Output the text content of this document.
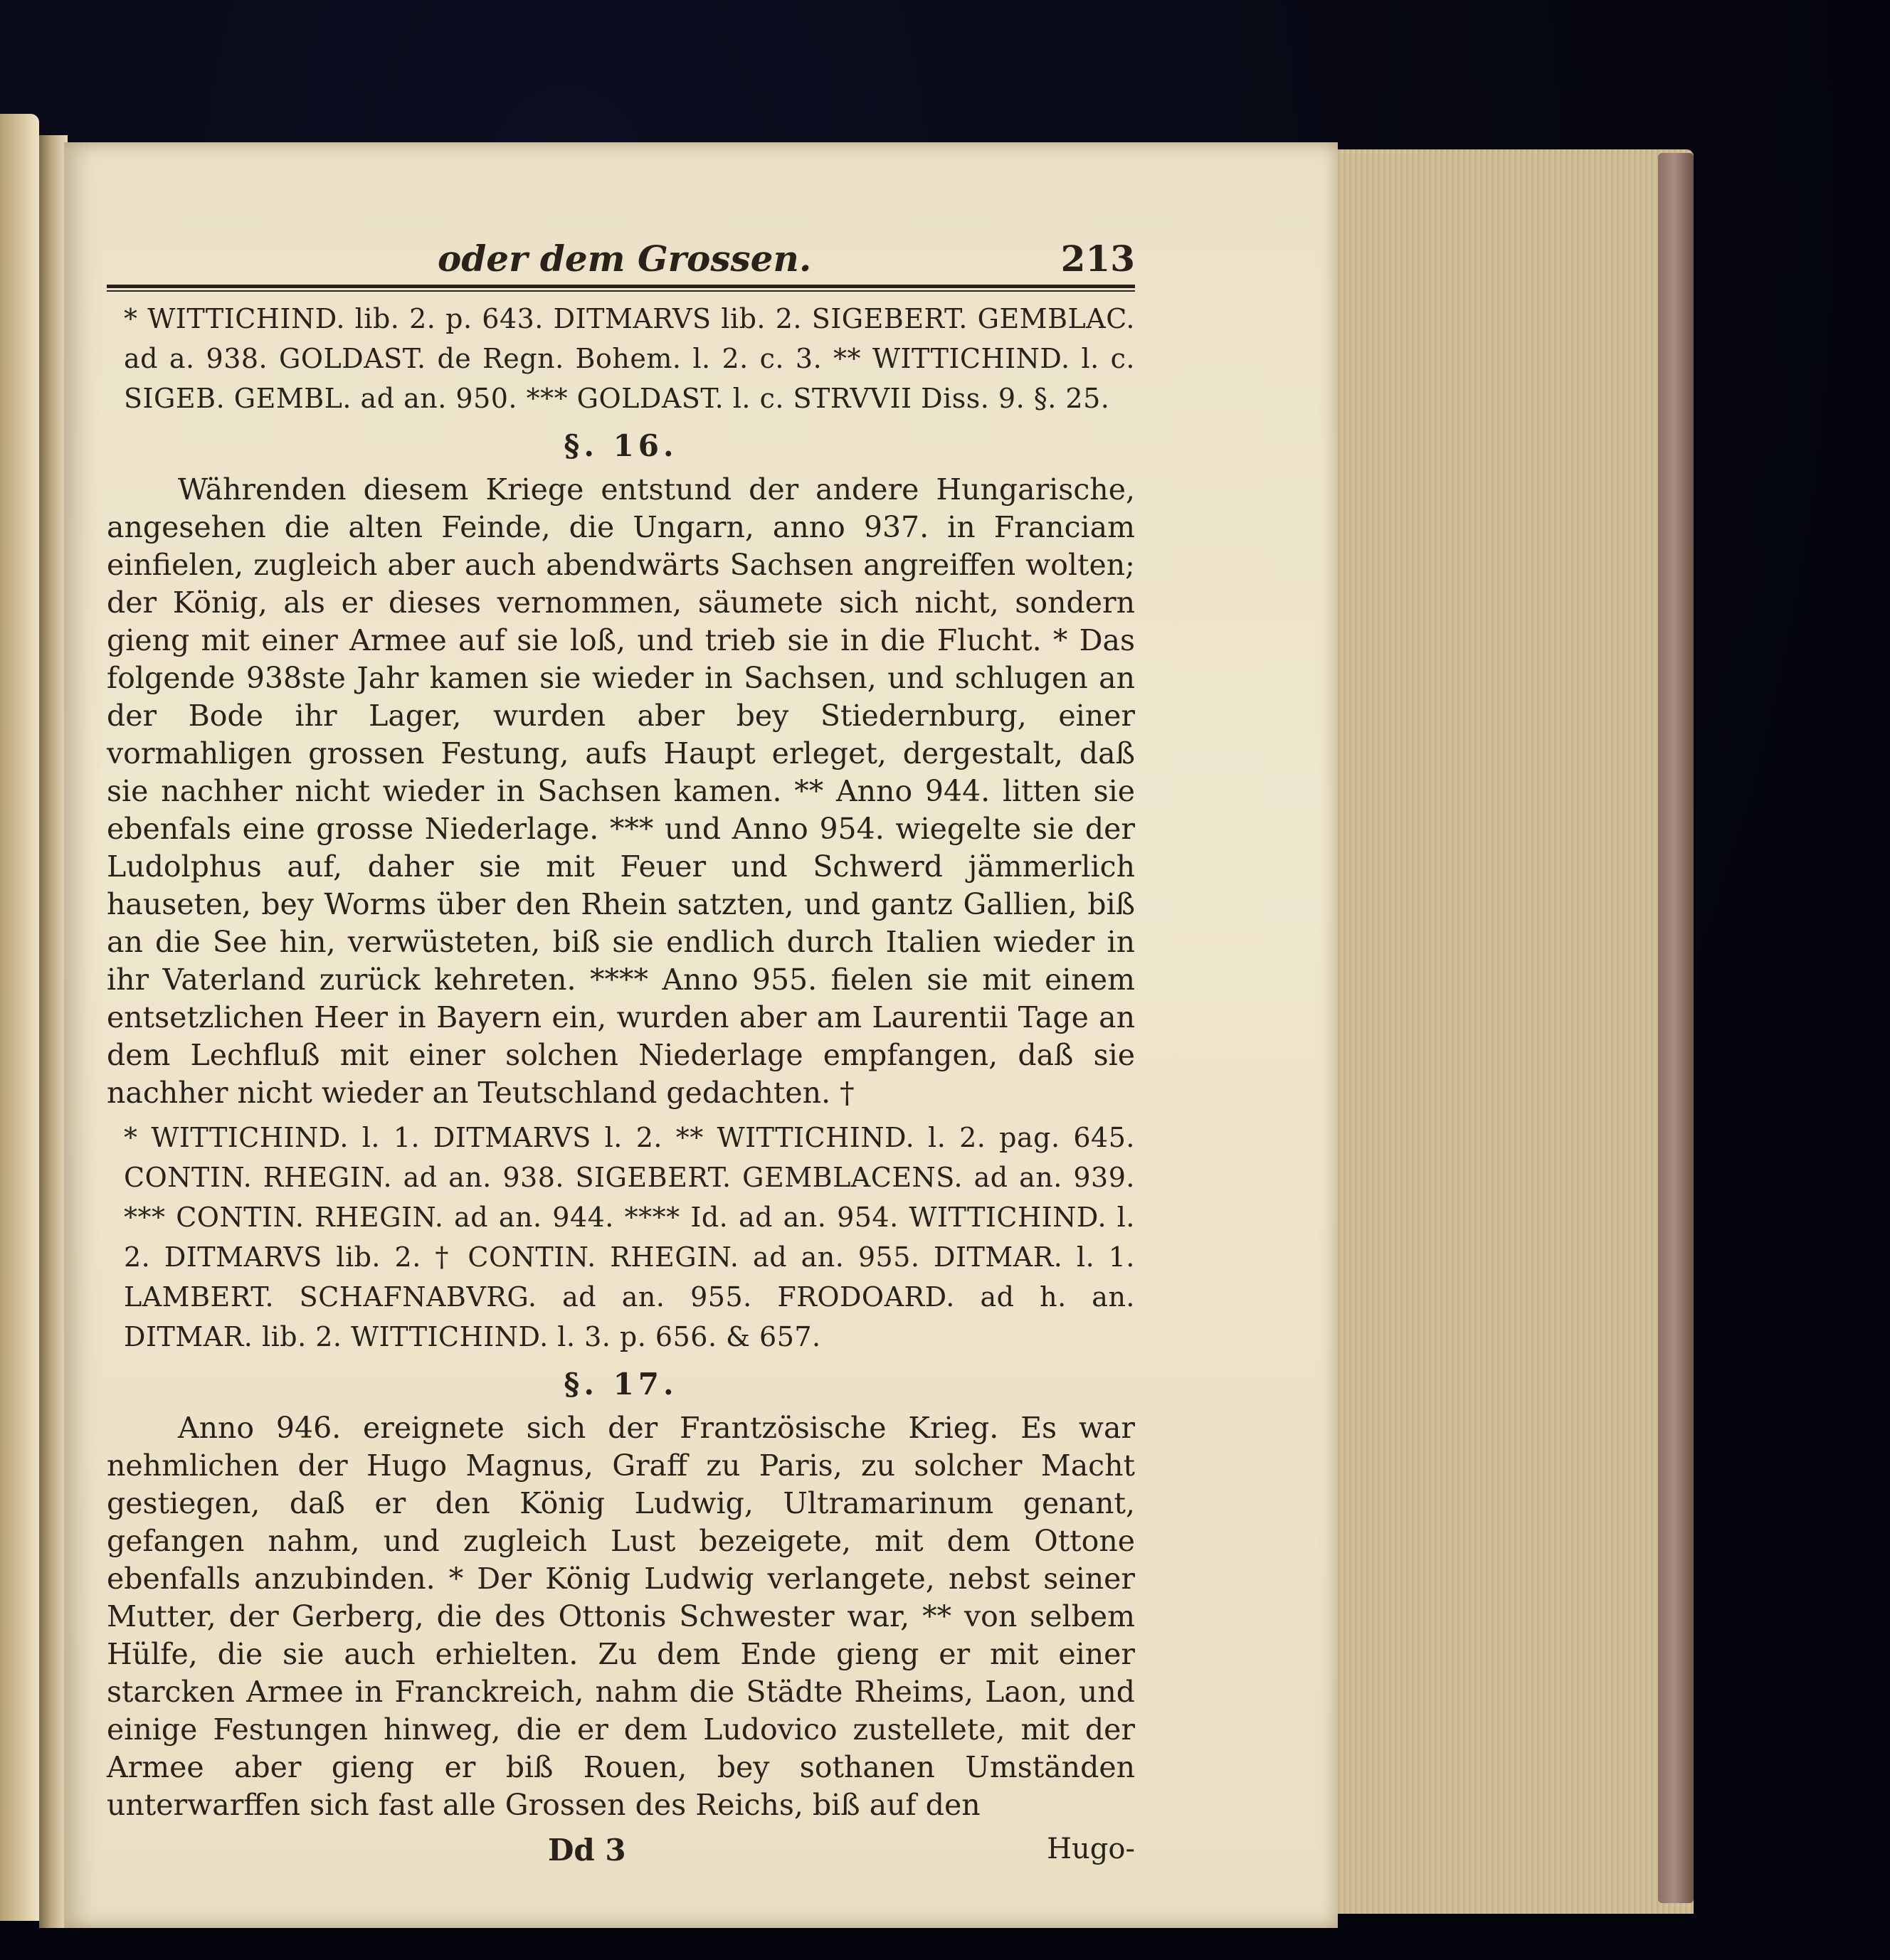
oder dem Grossen.	213

* WITTICHIND. lib. 2. p. 643. DITMARVS lib. 2. SIGEBERT. GEMBLAC. ad a. 938. GOLDAST. de Regn. Bohem. l. 2. c. 3. ** WITTICHIND. l. c. SIGEB. GEMBL. ad an. 950. *** GOLDAST. l. c. STRVVII Diss. 9. §. 25.

§. 16.

Währenden diesem Kriege entstund der andere Hungarische, angesehen die alten Feinde, die Ungarn, anno 937. in Franciam einfielen, zugleich aber auch abendwärts Sachsen angreiffen wolten; der König, als er dieses vernommen, säumete sich nicht, sondern gieng mit einer Armee auf sie loß, und trieb sie in die Flucht. * Das folgende 938ste Jahr kamen sie wieder in Sachsen, und schlugen an der Bode ihr Lager, wurden aber bey Stiedernburg, einer vormahligen grossen Festung, aufs Haupt erleget, dergestalt, daß sie nachher nicht wieder in Sachsen kamen. ** Anno 944. litten sie ebenfals eine grosse Niederlage. *** und Anno 954. wiegelte sie der Ludolphus auf, daher sie mit Feuer und Schwerd jämmerlich hauseten, bey Worms über den Rhein satzten, und gantz Gallien, biß an die See hin, verwüsteten, biß sie endlich durch Italien wieder in ihr Vaterland zurück kehreten. **** Anno 955. fielen sie mit einem entsetzlichen Heer in Bayern ein, wurden aber am Laurentii Tage an dem Lechfluß mit einer solchen Niederlage empfangen, daß sie nachher nicht wieder an Teutschland gedachten. †

* WITTICHIND. l. 1. DITMARVS l. 2. ** WITTICHIND. l. 2. pag. 645. CONTIN. RHEGIN. ad an. 938. SIGEBERT. GEMBLACENS. ad an. 939. *** CONTIN. RHEGIN. ad an. 944. **** Id. ad an. 954. WITTICHIND. l. 2. DITMARVS lib. 2. † CONTIN. RHEGIN. ad an. 955. DITMAR. l. 1. LAMBERT. SCHAFNABVRG. ad an. 955. FRODOARD. ad h. an. DITMAR. lib. 2. WITTICHIND. l. 3. p. 656. & 657.

§. 17.

Anno 946. ereignete sich der Frantzösische Krieg. Es war nehmlichen der Hugo Magnus, Graff zu Paris, zu solcher Macht gestiegen, daß er den König Ludwig, Ultramarinum genant, gefangen nahm, und zugleich Lust bezeigete, mit dem Ottone ebenfalls anzubinden. * Der König Ludwig verlangete, nebst seiner Mutter, der Gerberg, die des Ottonis Schwester war, ** von selbem Hülfe, die sie auch erhielten. Zu dem Ende gieng er mit einer starcken Armee in Franckreich, nahm die Städte Rheims, Laon, und einige Festungen hinweg, die er dem Ludovico zustellete, mit der Armee aber gieng er biß Rouen, bey sothanen Umständen unterwarffen sich fast alle Grossen des Reichs, biß auf den

Dd 3	Hugo-
